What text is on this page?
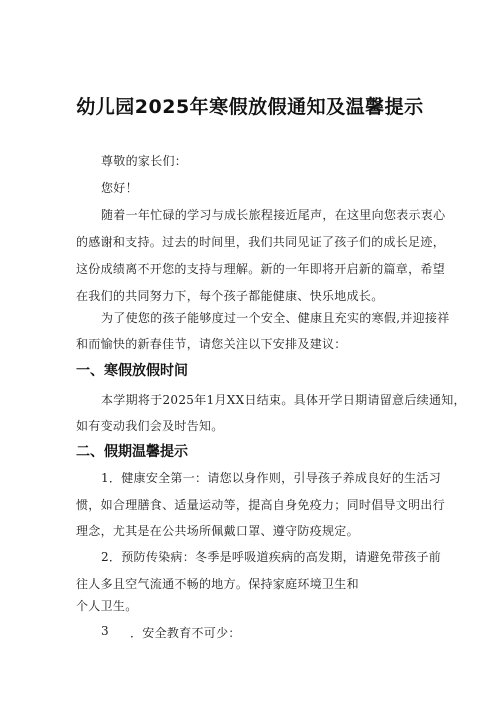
幼儿园2025年寒假放假通知及温馨提示
尊敬的家长们：
您好！
随着一年忙碌的学习与成长旅程接近尾声，在这里向您表示衷心
的感谢和支持。过去的时间里，我们共同见证了孩子们的成长足迹，
这份成绩离不开您的支持与理解。新的一年即将开启新的篇章，希望
在我们的共同努力下，每个孩子都能健康、快乐地成长。
为了使您的孩子能够度过一个安全、健康且充实的寒假,并迎接祥
和而愉快的新春佳节，请您关注以下安排及建议：
一、寒假放假时间
本学期将于2025年1月XX日结束。具体开学日期请留意后续通知，
如有变动我们会及时告知。
二、假期温馨提示
1．健康安全第一：请您以身作则，引导孩子养成良好的生活习
惯，如合理膳食、适量运动等，提高自身免疫力；同时倡导文明出行
理念，尤其是在公共场所佩戴口罩、遵守防疫规定。
2．预防传染病：冬季是呼吸道疾病的高发期，请避免带孩子前
往人多且空气流通不畅的地方。保持家庭环境卫生和
个人卫生。
3	．安全教育不可少：
